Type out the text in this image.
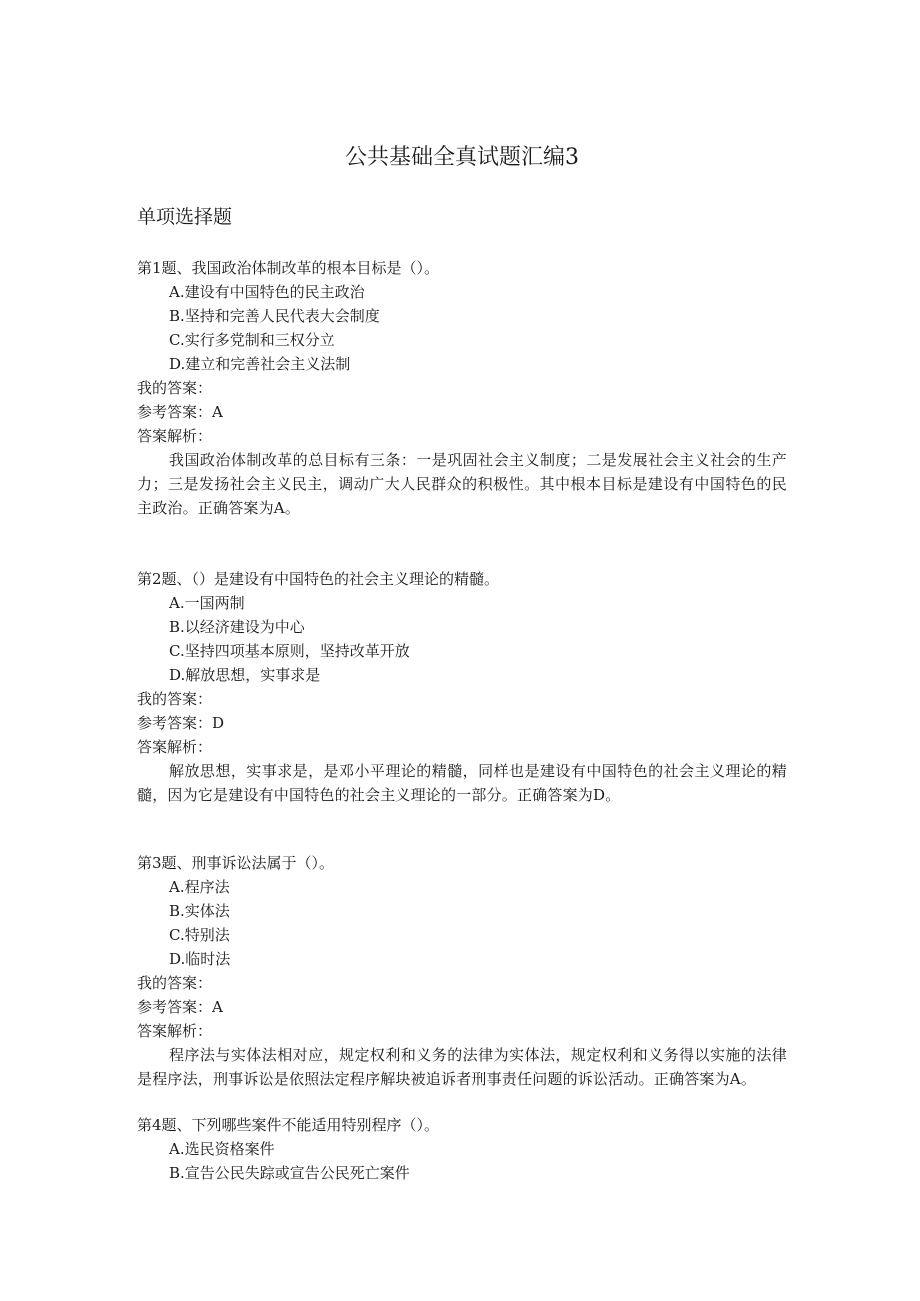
公共基础全真试题汇编3
单项选择题
第1题、我国政治体制改革的根本目标是（）。
A.建设有中国特色的民主政治
B.坚持和完善人民代表大会制度
C.实行多党制和三权分立
D.建立和完善社会主义法制
我的答案：
参考答案：A
答案解析：
我国政治体制改革的总目标有三条：一是巩固社会主义制度；二是发展社会主义社会的生产力；三是发扬社会主义民主，调动广大人民群众的积极性。其中根本目标是建设有中国特色的民主政治。正确答案为A。
第2题、（）是建设有中国特色的社会主义理论的精髓。
A.一国两制
B.以经济建设为中心
C.坚持四项基本原则，坚持改革开放
D.解放思想，实事求是
我的答案：
参考答案：D
答案解析：
解放思想，实事求是，是邓小平理论的精髓，同样也是建设有中国特色的社会主义理论的精髓，因为它是建设有中国特色的社会主义理论的一部分。正确答案为D。
第3题、刑事诉讼法属于（）。
A.程序法
B.实体法
C.特别法
D.临时法
我的答案：
参考答案：A
答案解析：
程序法与实体法相对应，规定权利和义务的法律为实体法，规定权利和义务得以实施的法律是程序法，刑事诉讼是依照法定程序解块被追诉者刑事责任问题的诉讼活动。正确答案为A。
第4题、下列哪些案件不能适用特别程序（）。
A.选民资格案件
B.宣告公民失踪或宣告公民死亡案件
